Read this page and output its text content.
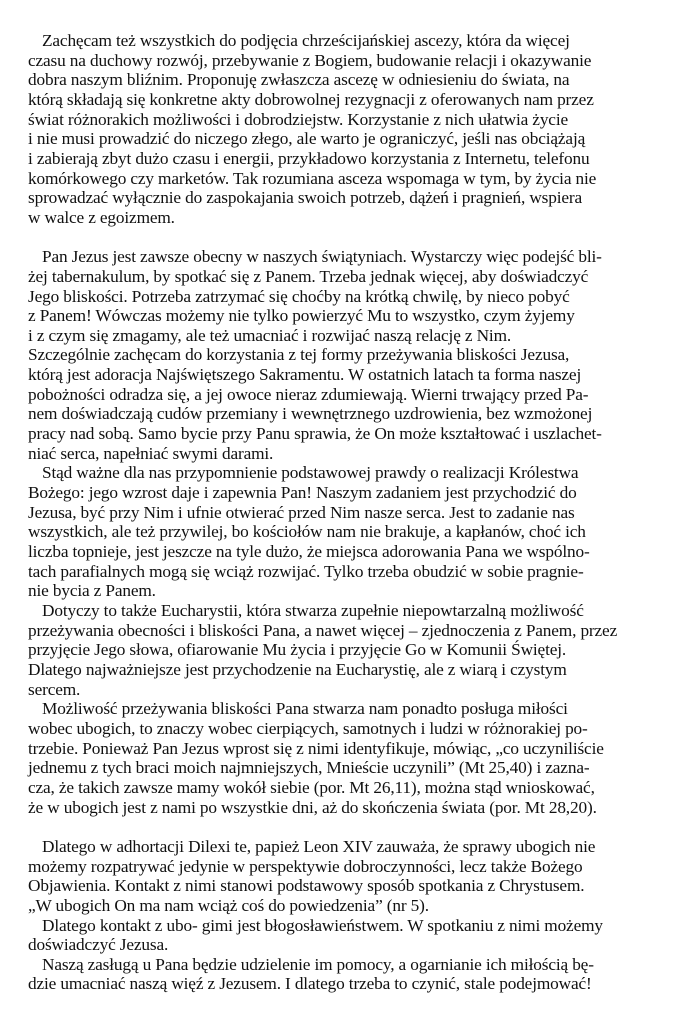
Zachęcam też wszystkich do podjęcia chrześcijańskiej ascezy, która da więcej
czasu na duchowy rozwój, przebywanie z Bogiem, budowanie relacji i okazywanie
dobra naszym bliźnim. Proponuję zwłaszcza ascezę w odniesieniu do świata, na
którą składają się konkretne akty dobrowolnej rezygnacji z oferowanych nam przez
świat różnorakich możliwości i dobrodziejstw. Korzystanie z nich ułatwia życie
i nie musi prowadzić do niczego złego, ale warto je ograniczyć, jeśli nas obciążają
i zabierają zbyt dużo czasu i energii, przykładowo korzystania z Internetu, telefonu
komórkowego czy marketów. Tak rozumiana asceza wspomaga w tym, by życia nie
sprowadzać wyłącznie do zaspokajania swoich potrzeb, dążeń i pragnień, wspiera
w walce z egoizmem.
Pan Jezus jest zawsze obecny w naszych świątyniach. Wystarczy więc podejść bli-
żej tabernakulum, by spotkać się z Panem. Trzeba jednak więcej, aby doświadczyć
Jego bliskości. Potrzeba zatrzymać się choćby na krótką chwilę, by nieco pobyć
z Panem! Wówczas możemy nie tylko powierzyć Mu to wszystko, czym żyjemy
i z czym się zmagamy, ale też umacniać i rozwijać naszą relację z Nim.
Szczególnie zachęcam do korzystania z tej formy przeżywania bliskości Jezusa,
którą jest adoracja Najświętszego Sakramentu. W ostatnich latach ta forma naszej
pobożności odradza się, a jej owoce nieraz zdumiewają. Wierni trwający przed Pa-
nem doświadczają cudów przemiany i wewnętrznego uzdrowienia, bez wzmożonej
pracy nad sobą. Samo bycie przy Panu sprawia, że On może kształtować i uszlachet-
niać serca, napełniać swymi darami.
Stąd ważne dla nas przypomnienie podstawowej prawdy o realizacji Królestwa
Bożego: jego wzrost daje i zapewnia Pan! Naszym zadaniem jest przychodzić do
Jezusa, być przy Nim i ufnie otwierać przed Nim nasze serca. Jest to zadanie nas
wszystkich, ale też przywilej, bo kościołów nam nie brakuje, a kapłanów, choć ich
liczba topnieje, jest jeszcze na tyle dużo, że miejsca adorowania Pana we wspólno-
tach parafialnych mogą się wciąż rozwijać. Tylko trzeba obudzić w sobie pragnie-
nie bycia z Panem.
Dotyczy to także Eucharystii, która stwarza zupełnie niepowtarzalną możliwość
przeżywania obecności i bliskości Pana, a nawet więcej – zjednoczenia z Panem, przez
przyjęcie Jego słowa, ofiarowanie Mu życia i przyjęcie Go w Komunii Świętej.
Dlatego najważniejsze jest przychodzenie na Eucharystię, ale z wiarą i czystym
sercem.
Możliwość przeżywania bliskości Pana stwarza nam ponadto posługa miłości
wobec ubogich, to znaczy wobec cierpiących, samotnych i ludzi w różnorakiej po-
trzebie. Ponieważ Pan Jezus wprost się z nimi identyfikuje, mówiąc, „co uczyniliście
jednemu z tych braci moich najmniejszych, Mnieście uczynili” (Mt 25,40) i zazna-
cza, że takich zawsze mamy wokół siebie (por. Mt 26,11), można stąd wnioskować,
że w ubogich jest z nami po wszystkie dni, aż do skończenia świata (por. Mt 28,20).
Dlatego w adhortacji Dilexi te, papież Leon XIV zauważa, że sprawy ubogich nie
możemy rozpatrywać jedynie w perspektywie dobroczynności, lecz także Bożego
Objawienia. Kontakt z nimi stanowi podstawowy sposób spotkania z Chrystusem.
„W ubogich On ma nam wciąż coś do powiedzenia” (nr 5).
Dlatego kontakt z ubo- gimi jest błogosławieństwem. W spotkaniu z nimi możemy
doświadczyć Jezusa.
Naszą zasługą u Pana będzie udzielenie im pomocy, a ogarnianie ich miłością bę-
dzie umacniać naszą więź z Jezusem. I dlatego trzeba to czynić, stale podejmować!
